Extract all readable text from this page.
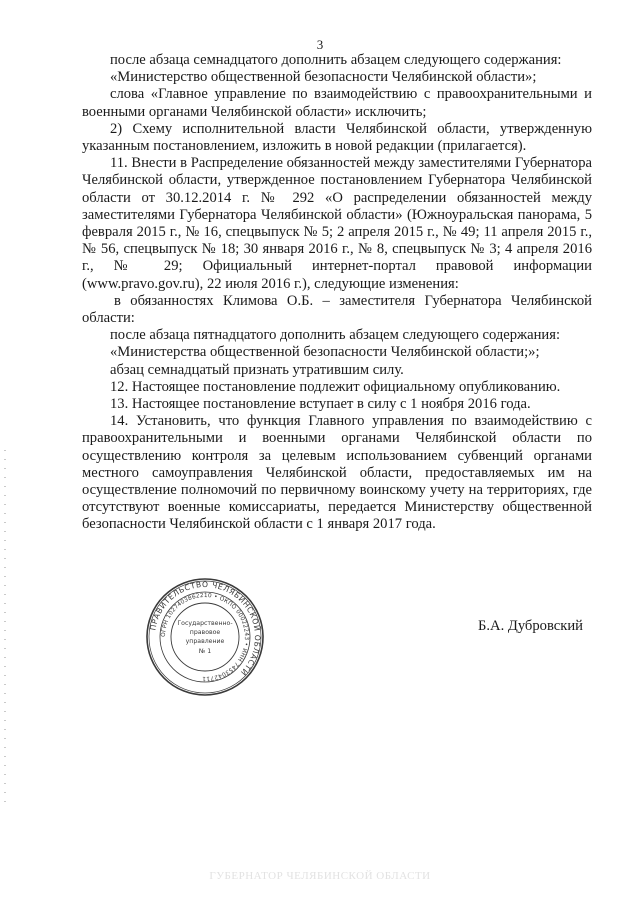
3

после абзаца семнадцатого дополнить абзацем следующего содержания:

«Министерство общественной безопасности Челябинской области»;

слова «Главное управление по взаимодействию с правоохранительными и военными органами Челябинской области» исключить;

2) Схему исполнительной власти Челябинской области, утвержденную указанным постановлением, изложить в новой редакции (прилагается).

11. Внести в Распределение обязанностей между заместителями Губернатора Челябинской области, утвержденное постановлением Губернатора Челябинской области от 30.12.2014 г. № 292 «О распределении обязанностей между заместителями Губернатора Челябинской области» (Южноуральская панорама, 5 февраля 2015 г., № 16, спецвыпуск № 5; 2 апреля 2015 г., № 49; 11 апреля 2015 г., № 56, спецвыпуск № 18; 30 января 2016 г., № 8, спецвыпуск № 3; 4 апреля 2016 г., № 29; Официальный интернет-портал правовой информации (www.pravo.gov.ru), 22 июля 2016 г.), следующие изменения:

в обязанностях Климова О.Б. – заместителя Губернатора Челябинской области:

после абзаца пятнадцатого дополнить абзацем следующего содержания:

«Министерства общественной безопасности Челябинской области;»;

абзац семнадцатый признать утратившим силу.

12. Настоящее постановление подлежит официальному опубликованию.

13. Настоящее постановление вступает в силу с 1 ноября 2016 года.

14. Установить, что функция Главного управления по взаимодействию с правоохранительными и военными органами Челябинской области по осуществлению контроля за целевым использованием субвенций органами местного самоуправления Челябинской области, предоставляемых им на осуществление полномочий по первичному воинскому учету на территориях, где отсутствуют военные комиссариаты, передается Министерству общественной безопасности Челябинской области с 1 января 2017 года.

ПРАВИТЕЛЬСТВО ЧЕЛЯБИНСКОЙ ОБЛАСТИ
ОГРН 1027403862210 • ОКПО 00022243 • ИНН 7453042711
Государственно-
правовое
управление
№ 1
Б.А. Дубровский
ГУБЕРНАТОР ЧЕЛЯБИНСКОЙ ОБЛАСТИ
